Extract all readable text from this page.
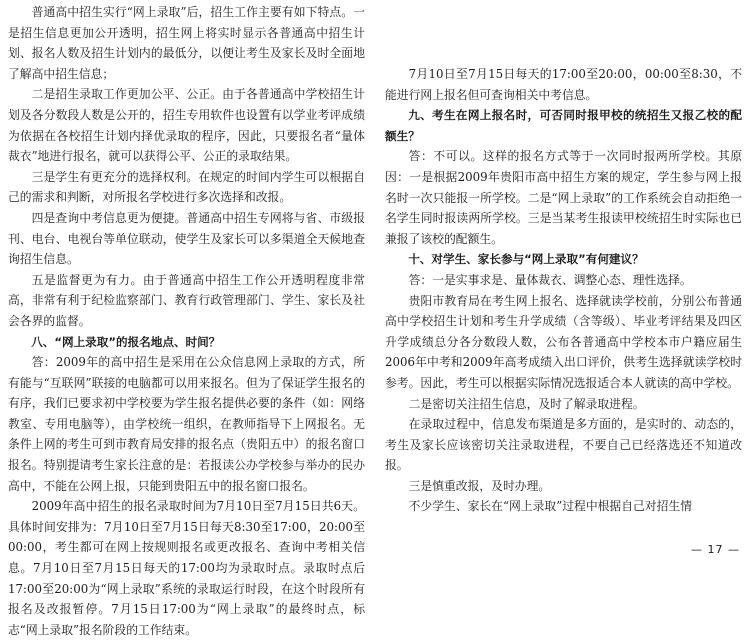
普通高中招生实行“网上录取”后，招生工作主要有如下特点。一是招生信息更加公开透明，招生网上将实时显示各普通高中招生计划、报名人数及招生计划内的最低分，以便让考生及家长及时全面地了解高中招生信息；

二是招生录取工作更加公平、公正。由于各普通高中学校招生计划及各分数段人数是公开的，招生专用软件也设置有以学业考评成绩为依据在各校招生计划内择优录取的程序，因此，只要报名者“量体裁衣”地进行报名，就可以获得公平、公正的录取结果。

三是学生有更充分的选择权利。在规定的时间内学生可以根据自己的需求和判断，对所报名学校进行多次选择和改报。

四是查询中考信息更为便捷。普通高中招生专网将与省、市级报刊、电台、电视台等单位联动，使学生及家长可以多渠道全天候地查询招生信息。

五是监督更为有力。由于普通高中招生工作公开透明程度非常高，非常有利于纪检监察部门、教育行政管理部门、学生、家长及社会各界的监督。

八、“网上录取”的报名地点、时间？

答：2009年的高中招生是采用在公众信息网上录取的方式，所有能与“互联网”联接的电脑都可以用来报名。但为了保证学生报名的有序，我们已要求初中学校要为学生报名提供必要的条件（如：网络教室、专用电脑等），由学校统一组织，在教师指导下上网报名。无条件上网的考生可到市教育局安排的报名点（贵阳五中）的报名窗口报名。特别提请考生家长注意的是：若报读公办学校参与举办的民办高中，不能在公网上报，只能到贵阳五中的报名窗口报名。

2009年高中招生的报名录取时间为7月10日至7月15日共6天。具体时间安排为：7月10日至7月15日每天8:30至17:00，20:00至00:00，考生都可在网上按规则报名或更改报名、查询中考相关信息。7月10日至7月15日每天的17:00均为录取时点。录取时点后17:00至20:00为“网上录取”系统的录取运行时段，在这个时段所有报名及改报暂停。7月15日17:00为“网上录取”的最终时点，标志“网上录取”报名阶段的工作结束。

7月10日至7月15日每天的17:00至20:00，00:00至8:30，不能进行网上报名但可查询相关中考信息。

九、考生在网上报名时，可否同时报甲校的统招生又报乙校的配额生？

答：不可以。这样的报名方式等于一次同时报两所学校。其原因：一是根据2009年贵阳市高中招生方案的规定，学生参与网上报名时一次只能报一所学校。二是“网上录取”的工作系统会自动拒绝一名学生同时报读两所学校。三是当某考生报读甲校统招生时实际也已兼报了该校的配额生。

十、对学生、家长参与“网上录取”有何建议？

答：一是实事求是、量体裁衣、调整心态、理性选择。

贵阳市教育局在考生网上报名、选择就读学校前，分别公布普通高中学校招生计划和考生升学成绩（含等级）、毕业考评结果及四区升学成绩总分各分数段人数，公布各普通高中学校本市户籍应届生2006年中考和2009年高考成绩入出口评价，供考生选择就读学校时参考。因此，考生可以根据实际情况选报适合本人就读的高中学校。

二是密切关注招生信息，及时了解录取进程。

在录取过程中，信息发布渠道是多方面的，是实时的、动态的，考生及家长应该密切关注录取进程，不要自己已经落选还不知道改报。

三是慎重改报，及时办理。

不少学生、家长在“网上录取”过程中根据自己对招生情

— 17 —
